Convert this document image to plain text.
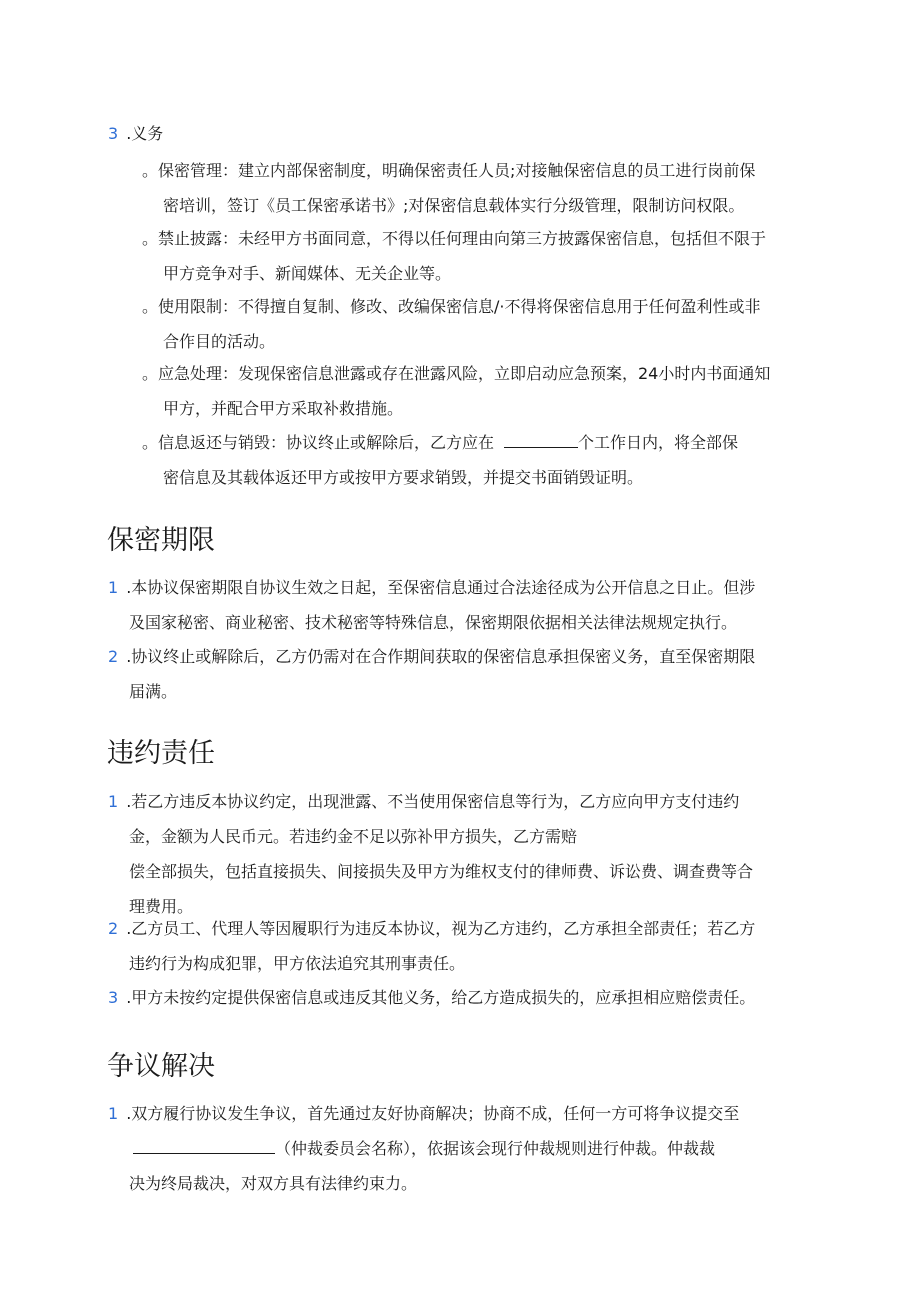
3 .义务
。保密管理：建立内部保密制度，明确保密责任人员;对接触保密信息的员工进行岗前保
密培训，签订《员工保密承诺书》;对保密信息载体实行分级管理，限制访问权限。
。禁止披露：未经甲方书面同意，不得以任何理由向第三方披露保密信息，包括但不限于
甲方竞争对手、新闻媒体、无关企业等。
。使用限制：不得擅自复制、修改、改编保密信息/·不得将保密信息用于任何盈利性或非
合作目的活动。
。应急处理：发现保密信息泄露或存在泄露风险，立即启动应急预案，24小时内书面通知
甲方，并配合甲方采取补救措施。
。信息返还与销毁：协议终止或解除后，乙方应在	个工作日内，将全部保
密信息及其载体返还甲方或按甲方要求销毁，并提交书面销毁证明。
保密期限
1 .本协议保密期限自协议生效之日起，至保密信息通过合法途径成为公开信息之日止。但涉
及国家秘密、商业秘密、技术秘密等特殊信息，保密期限依据相关法律法规规定执行。
2 .协议终止或解除后，乙方仍需对在合作期间获取的保密信息承担保密义务，直至保密期限
届满。
违约责任
1 .若乙方违反本协议约定，出现泄露、不当使用保密信息等行为，乙方应向甲方支付违约
金，金额为人民币元。若违约金不足以弥补甲方损失，乙方需赔
偿全部损失，包括直接损失、间接损失及甲方为维权支付的律师费、诉讼费、调查费等合
理费用。
2 .乙方员工、代理人等因履职行为违反本协议，视为乙方违约，乙方承担全部责任；若乙方
违约行为构成犯罪，甲方依法追究其刑事责任。
3 .甲方未按约定提供保密信息或违反其他义务，给乙方造成损失的，应承担相应赔偿责任。
争议解决
1 .双方履行协议发生争议，首先通过友好协商解决；协商不成，任何一方可将争议提交至
（仲裁委员会名称），依据该会现行仲裁规则进行仲裁。仲裁裁
决为终局裁决，对双方具有法律约束力。
